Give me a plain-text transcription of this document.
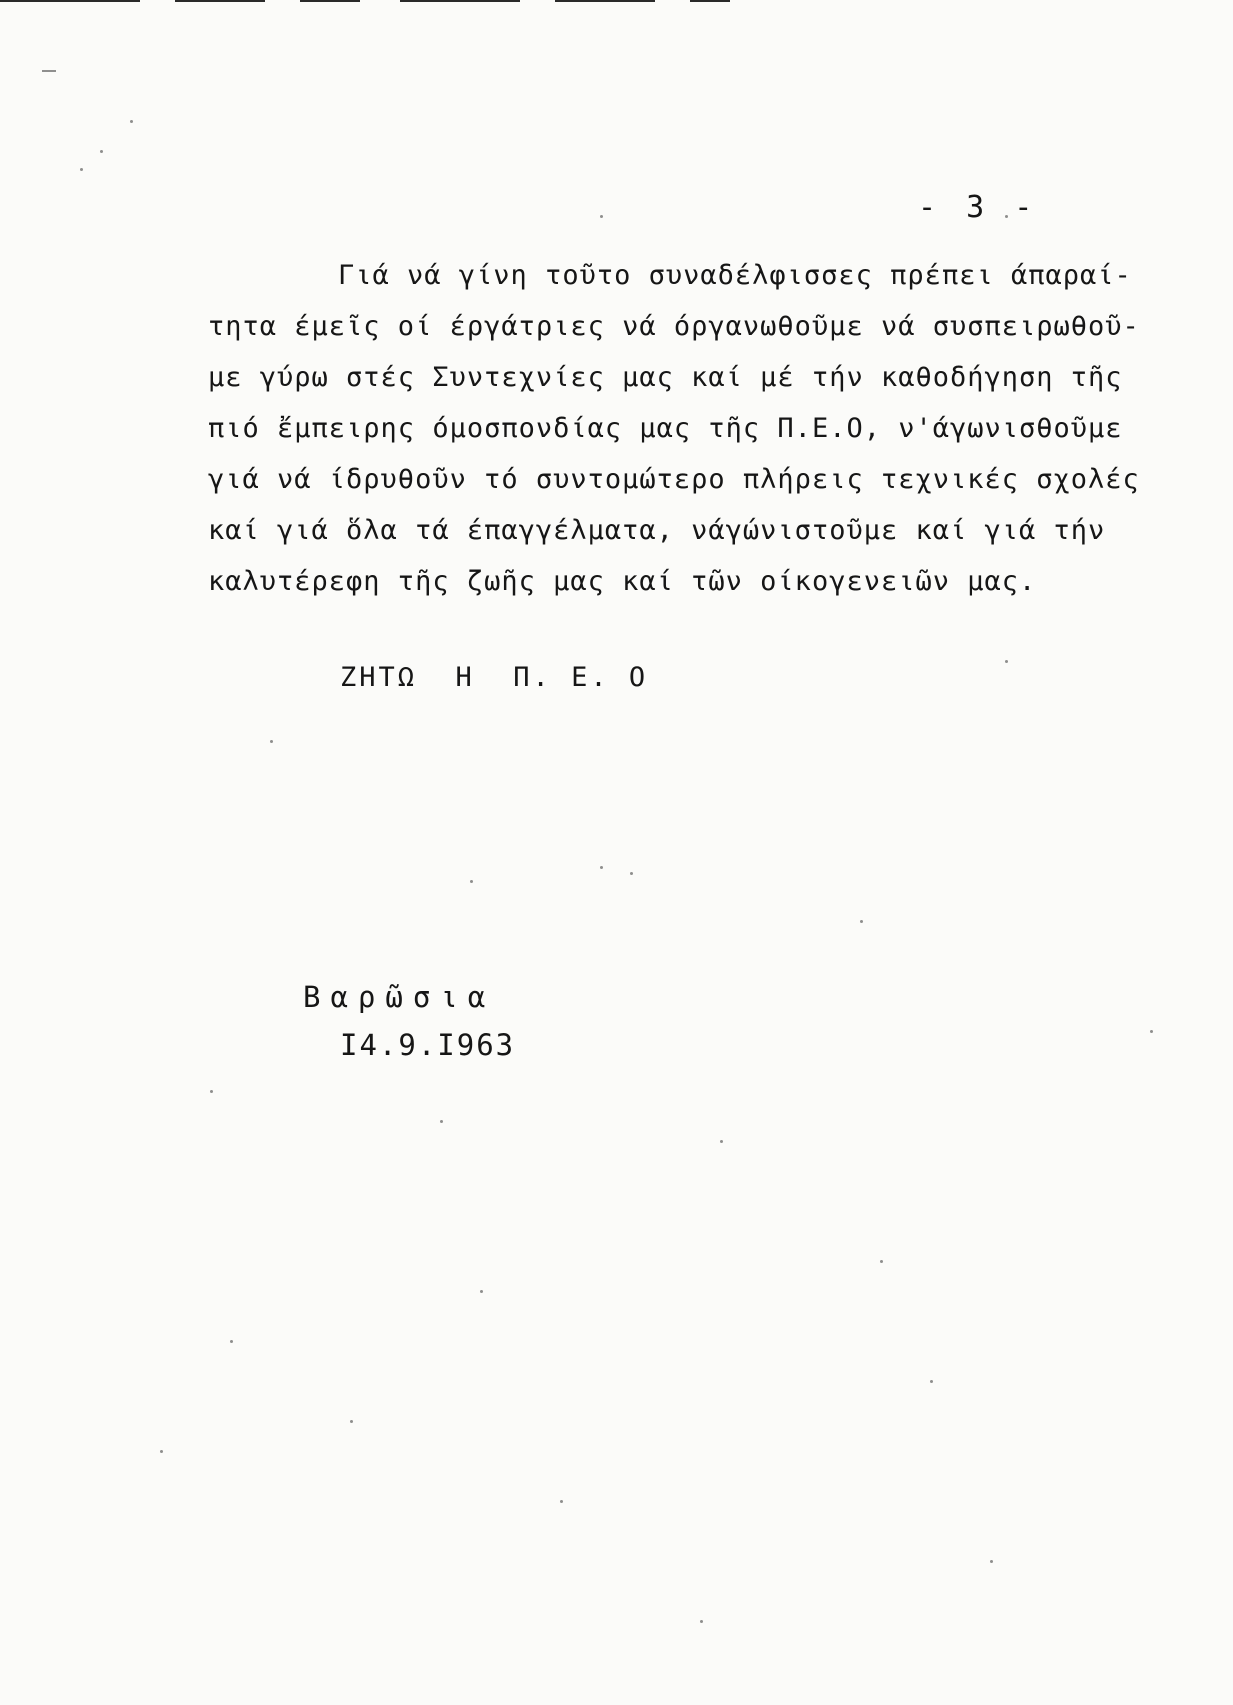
- 3 -
Γιά νά γίνη τοῦτο συναδέλφισσες πρέπει άπαραί-
τητα έμεῖς οί έργάτριες νά όργανωθοῦμε νά συσπειρωθοῦ-
με γύρω στές Συντεχνίες μας καί μέ τήν καθοδήγηση τῆς
πιό ἔμπειρης όμοσπονδίας μας τῆς Π.Ε.Ο, ν'άγωνισθοῦμε
γιά νά ίδρυθοῦν τό συντομώτερο πλήρεις τεχνικές σχολές
καί γιά ὅλα τά έπαγγέλματα, νάγώνιστοῦμε καί γιά τήν
καλυτέρεφη τῆς ζωῆς μας καί τῶν οίκογενειῶν μας.
ΖΗΤΩ  Η  Π. Ε. Ο
Βαρῶσια
I4.9.I963
